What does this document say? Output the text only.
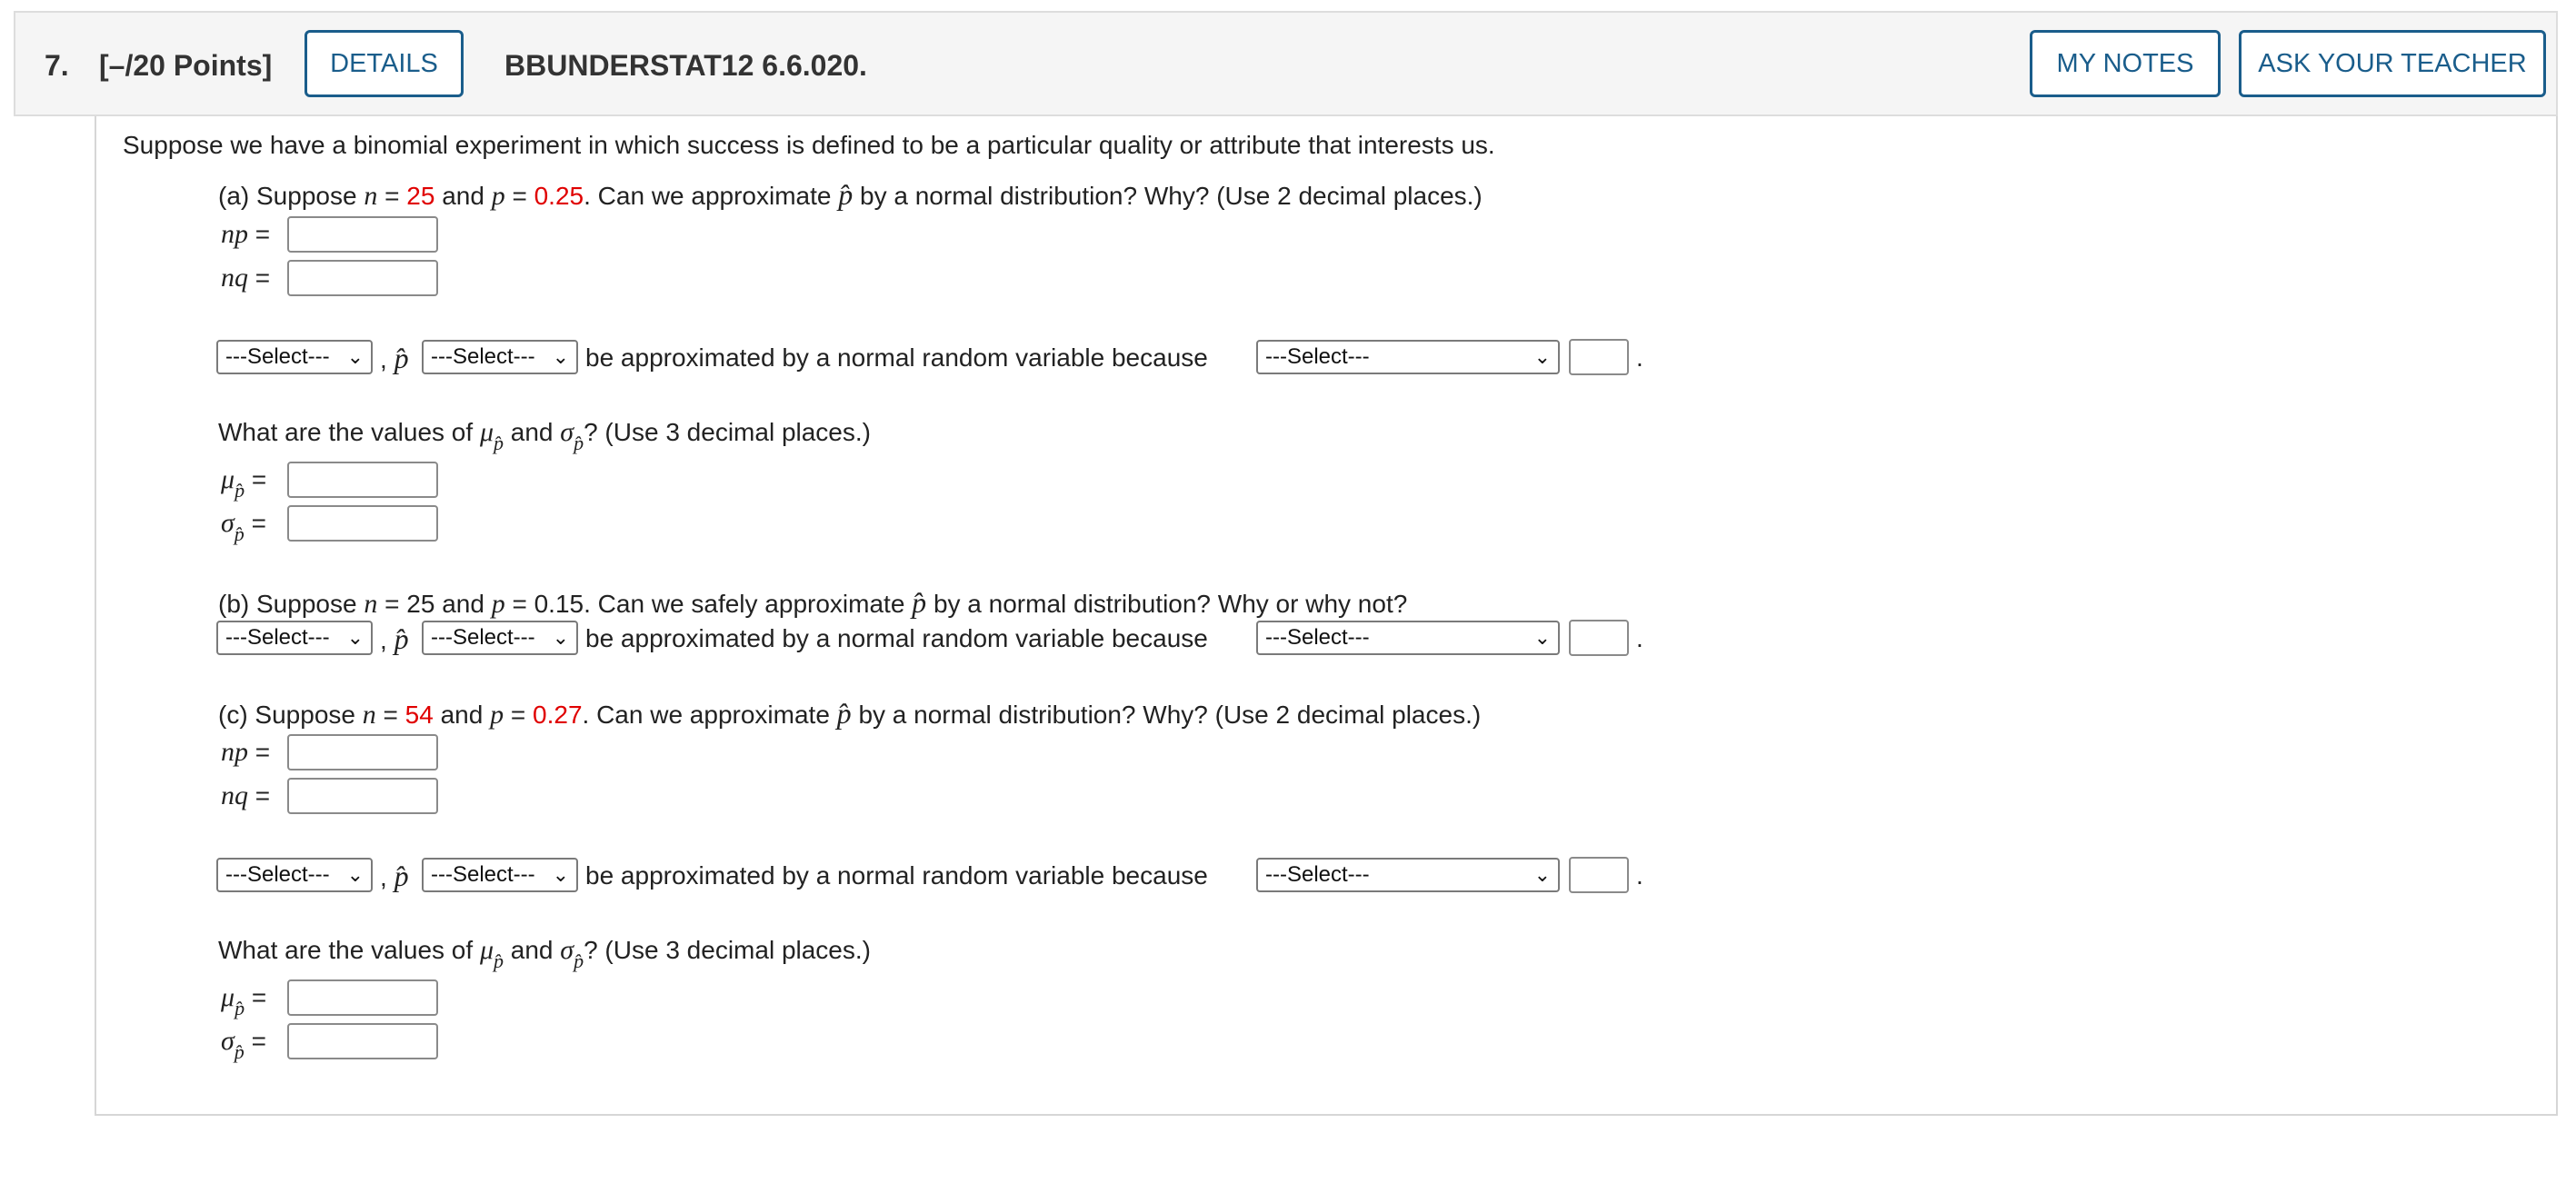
7. [–/20 Points]	DETAILS	BBUNDERSTAT12 6.6.020.	MY NOTES	ASK YOUR TEACHER
Suppose we have a binomial experiment in which success is defined to be a particular quality or attribute that interests us.
(a) Suppose n = 25 and p = 0.25. Can we approximate p̂ by a normal distribution? Why? (Use 2 decimal places.)
np =
nq =
---Select--- ⌄ , p̂	---Select--- ⌄ be approximated by a normal random variable because	---Select---	⌄	.
What are the values of $\mu_{p̂}$ and $\sigma_{p̂}$? (Use 3 decimal places.)
$\mu_{p̂}$ =
$\sigma_{p̂}$ =
(b) Suppose n = 25 and p = 0.15. Can we safely approximate p̂ by a normal distribution? Why or why not?
---Select--- ⌄ , p̂	---Select--- ⌄ be approximated by a normal random variable because	---Select---	⌄	.
(c) Suppose n = 54 and p = 0.27. Can we approximate p̂ by a normal distribution? Why? (Use 2 decimal places.)
np =
nq =
---Select--- ⌄ , p̂	---Select--- ⌄ be approximated by a normal random variable because	---Select---	⌄	.
What are the values of $\mu_{p̂}$ and $\sigma_{p̂}$? (Use 3 decimal places.)
$\mu_{p̂}$ =
$\sigma_{p̂}$ =
